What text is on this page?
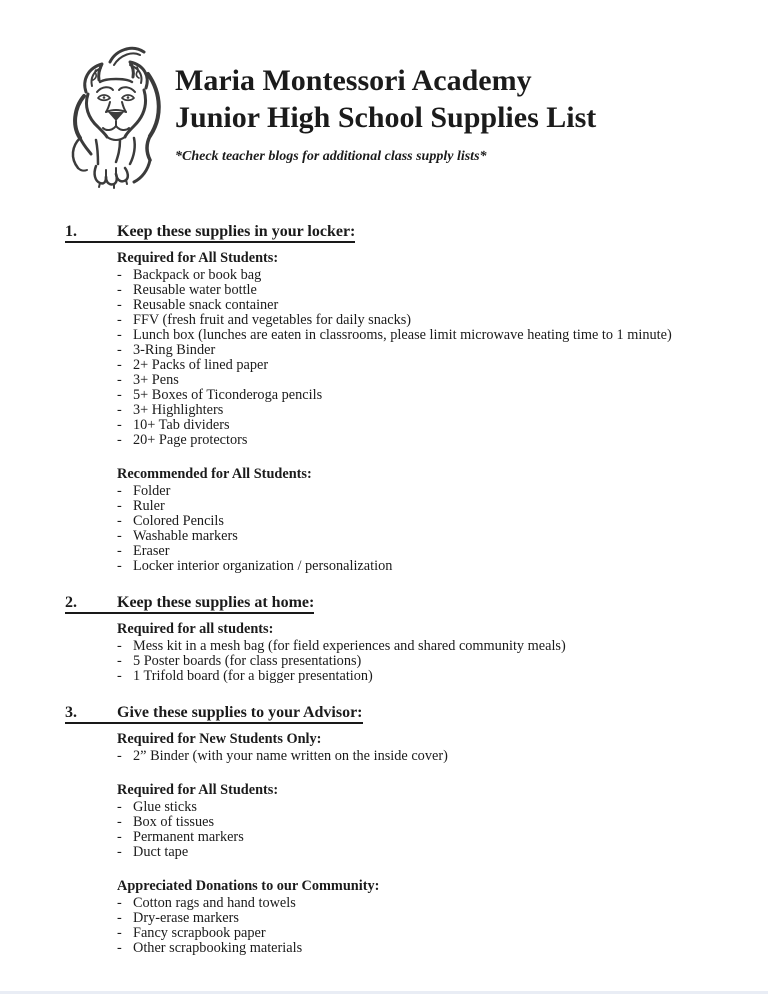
Maria Montessori Academy
Junior High School Supplies List
*Check teacher blogs for additional class supply lists*
1.	Keep these supplies in your locker:
Required for All Students:
- Backpack or book bag
- Reusable water bottle
- Reusable snack container
- FFV (fresh fruit and vegetables for daily snacks)
- Lunch box (lunches are eaten in classrooms, please limit microwave heating time to 1 minute)
- 3-Ring Binder
- 2+ Packs of lined paper
- 3+ Pens
- 5+ Boxes of Ticonderoga pencils
- 3+ Highlighters
- 10+ Tab dividers
- 20+ Page protectors
Recommended for All Students:
- Folder
- Ruler
- Colored Pencils
- Washable markers
- Eraser
- Locker interior organization / personalization
2.	Keep these supplies at home:
Required for all students:
- Mess kit in a mesh bag (for field experiences and shared community meals)
- 5 Poster boards (for class presentations)
- 1 Trifold board (for a bigger presentation)
3.	Give these supplies to your Advisor:
Required for New Students Only:
- 2” Binder (with your name written on the inside cover)
Required for All Students:
- Glue sticks
- Box of tissues
- Permanent markers
- Duct tape
Appreciated Donations to our Community:
- Cotton rags and hand towels
- Dry-erase markers
- Fancy scrapbook paper
- Other scrapbooking materials
